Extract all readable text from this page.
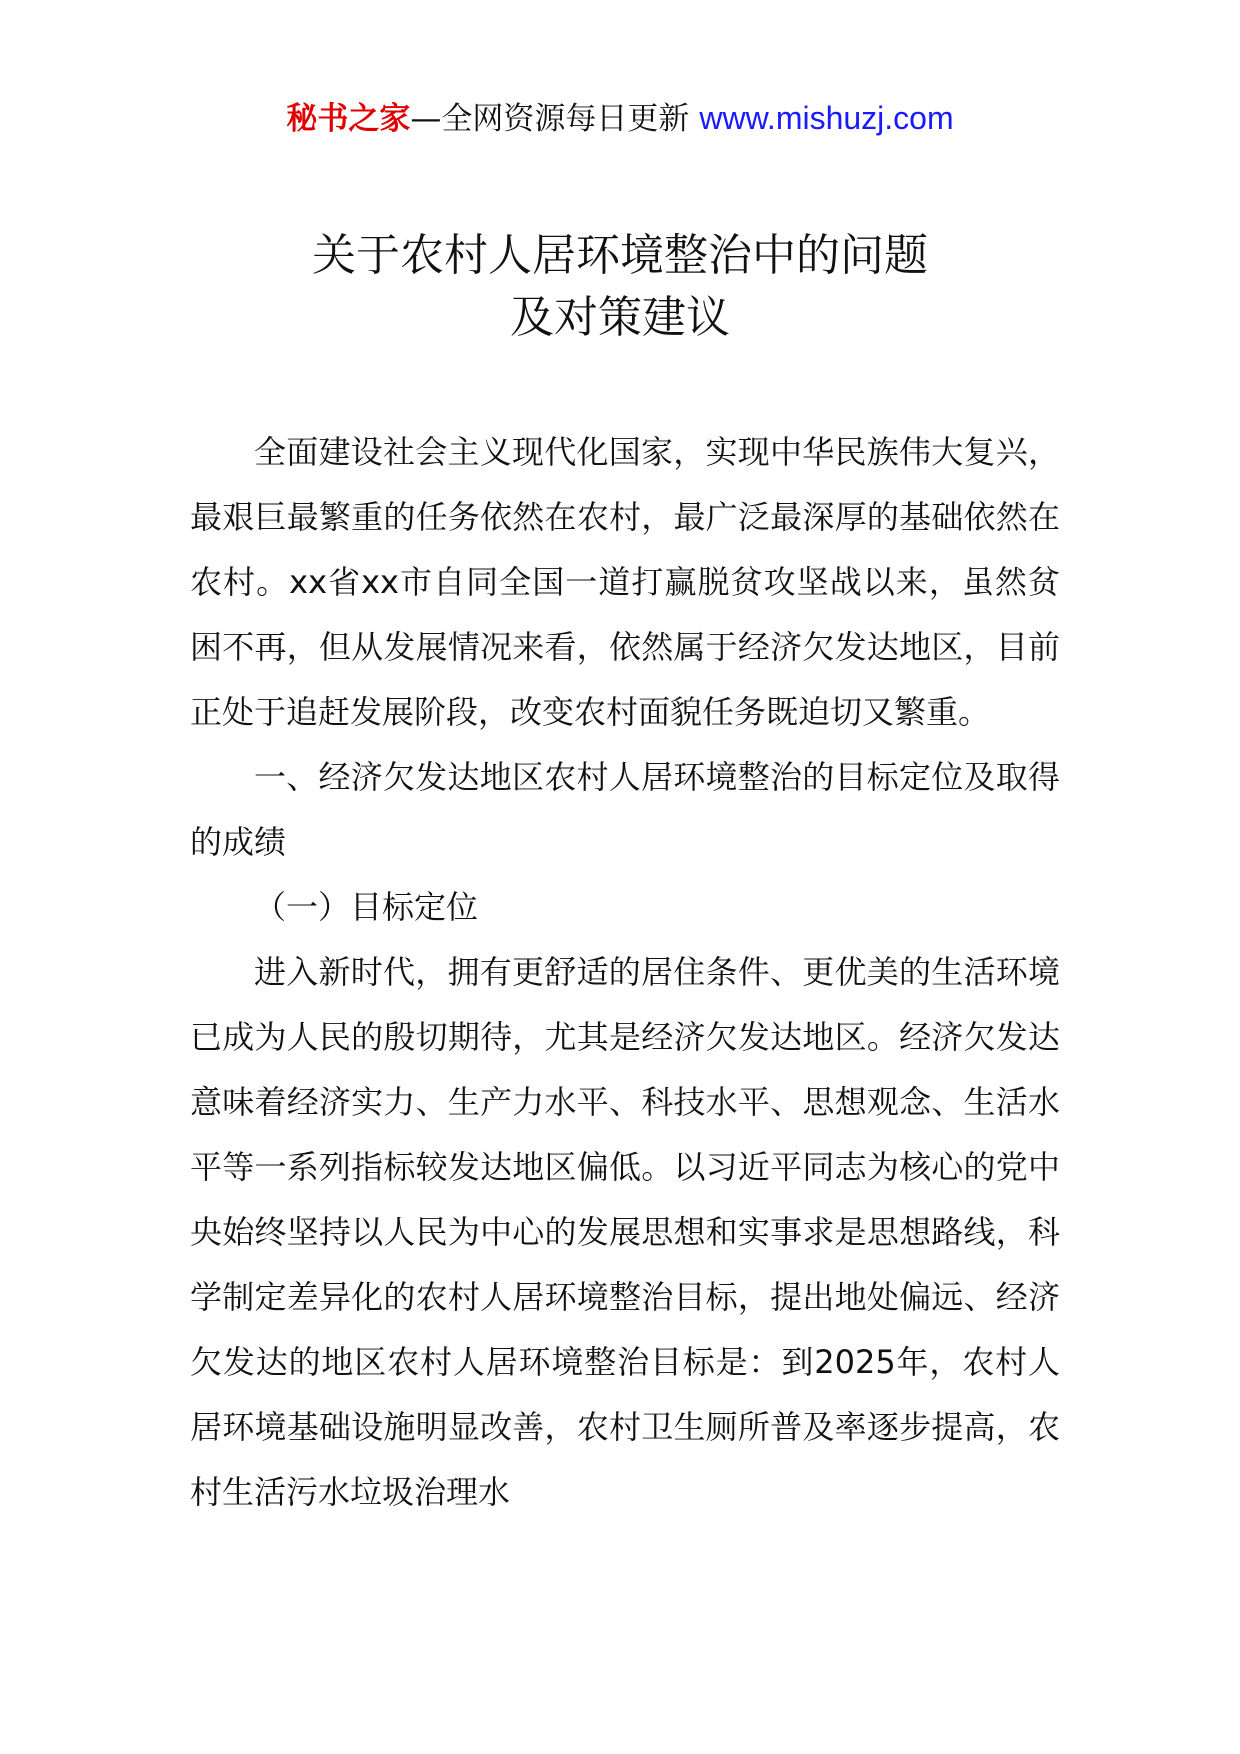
秘书之家—全网资源每日更新 www.mishuzj.com
关于农村人居环境整治中的问题
及对策建议

全面建设社会主义现代化国家，实现中华民族伟大复兴，最艰巨最繁重的任务依然在农村，最广泛最深厚的基础依然在农村。xx省xx市自同全国一道打赢脱贫攻坚战以来，虽然贫困不再，但从发展情况来看，依然属于经济欠发达地区，目前正处于追赶发展阶段，改变农村面貌任务既迫切又繁重。

一、经济欠发达地区农村人居环境整治的目标定位及取得的成绩

（一）目标定位

进入新时代，拥有更舒适的居住条件、更优美的生活环境已成为人民的殷切期待，尤其是经济欠发达地区。经济欠发达意味着经济实力、生产力水平、科技水平、思想观念、生活水平等一系列指标较发达地区偏低。以习近平同志为核心的党中央始终坚持以人民为中心的发展思想和实事求是思想路线，科学制定差异化的农村人居环境整治目标，提出地处偏远、经济欠发达的地区农村人居环境整治目标是：到2025年，农村人居环境基础设施明显改善，农村卫生厕所普及率逐步提高，农村生活污水垃圾治理水
